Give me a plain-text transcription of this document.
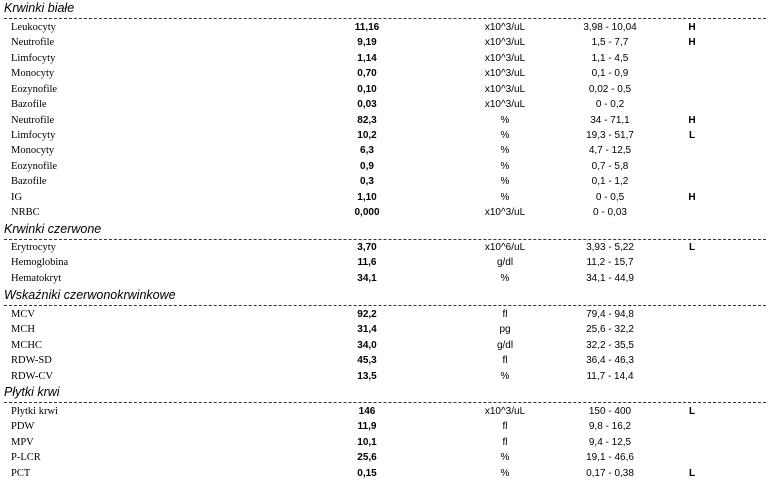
Krwinki białe
Leukocyty	11,16	x10^3/uL	3,98 - 10,04	H
Neutrofile	9,19	x10^3/uL	1,5 - 7,7	H
Limfocyty	1,14	x10^3/uL	1,1 - 4,5
Monocyty	0,70	x10^3/uL	0,1 - 0,9
Eozynofile	0,10	x10^3/uL	0,02 - 0,5
Bazofile	0,03	x10^3/uL	0 - 0,2
Neutrofile	82,3	%	34 - 71,1	H
Limfocyty	10,2	%	19,3 - 51,7	L
Monocyty	6,3	%	4,7 - 12,5
Eozynofile	0,9	%	0,7 - 5,8
Bazofile	0,3	%	0,1 - 1,2
IG	1,10	%	0 - 0,5	H
NRBC	0,000	x10^3/uL	0 - 0,03
Krwinki czerwone
Erytrocyty	3,70	x10^6/uL	3,93 - 5,22	L
Hemoglobina	11,6	g/dl	11,2 - 15,7
Hematokryt	34,1	%	34,1 - 44,9
Wskaźniki czerwonokrwinkowe
MCV	92,2	fl	79,4 - 94,8
MCH	31,4	pg	25,6 - 32,2
MCHC	34,0	g/dl	32,2 - 35,5
RDW-SD	45,3	fl	36,4 - 46,3
RDW-CV	13,5	%	11,7 - 14,4
Płytki krwi
Płytki krwi	146	x10^3/uL	150 - 400	L
PDW	11,9	fl	9,8 - 16,2
MPV	10,1	fl	9,4 - 12,5
P-LCR	25,6	%	19,1 - 46,6
PCT	0,15	%	0,17 - 0,38	L
